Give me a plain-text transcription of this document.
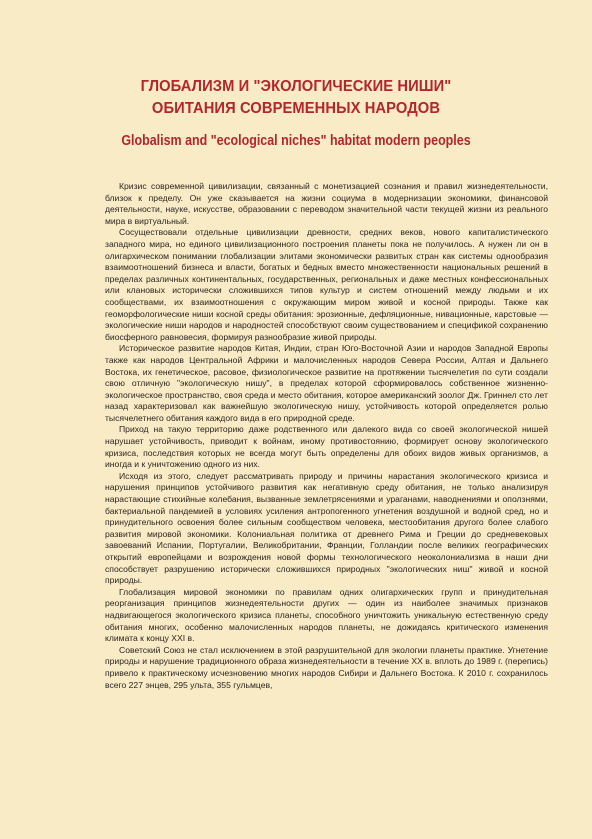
ГЛОБАЛИЗМ И "ЭКОЛОГИЧЕСКИЕ НИШИ"
ОБИТАНИЯ СОВРЕМЕННЫХ НАРОДОВ
Globalism and "ecological niches" habitat modern peoples

Кризис современной цивилизации, связанный с монетизацией сознания и правил жизнедеятельности, близок к пределу. Он уже сказывается на жизни социума в модернизации экономики, финансовой деятельности, науке, искусстве, образовании с переводом значительной части текущей жизни из реального мира в виртуальный.

Сосуществовали отдельные цивилизации древности, средних веков, нового капиталистического западного мира, но единого цивилизационного построения планеты пока не получилось. А нужен ли он в олигархическом понимании глобализации элитами экономически развитых стран как системы однообразия взаимоотношений бизнеса и власти, богатых и бедных вместо множественности национальных решений в пределах различных континентальных, государственных, региональных и даже местных конфессиональных или клановых исторически сложившихся типов культур и систем отношений между людьми и их сообществами, их взаимоотношения с окружающим миром живой и косной природы. Также как геоморфологические ниши косной среды обитания: эрозионные, дефляционные, нивационные, карстовые — экологические ниши народов и народностей способствуют своим существованием и спецификой сохранению биосферного равновесия, формируя разнообразие живой природы.

Историческое развитие народов Китая, Индии, стран Юго-Восточной Азии и народов Западной Европы также как народов Центральной Африки и малочисленных народов Севера России, Алтая и Дальнего Востока, их генетическое, расовое, физиологическое развитие на протяжении тысячелетия по сути создали свою отличную "экологическую нишу", в пределах которой сформировалось собственное жизненно-экологическое пространство, своя среда и место обитания, которое американский зоолог Дж. Гриннел сто лет назад характеризовал как важнейшую экологическую нишу, устойчивость которой определяется ролью тысячелетнего обитания каждого вида в его природной среде.

Приход на такую территорию даже родственного или далекого вида со своей экологической нишей нарушает устойчивость, приводит к войнам, иному противостоянию, формирует основу экологического кризиса, последствия которых не всегда могут быть определены для обоих видов живых организмов, а иногда и к уничтожению одного из них.

Исходя из этого, следует рассматривать природу и причины нарастания экологического кризиса и нарушения принципов устойчивого развития как негативную среду обитания, не только анализируя нарастающие стихийные колебания, вызванные землетрясениями и ураганами, наводнениями и оползнями, бактериальной пандемией в условиях усиления антропогенного угнетения воздушной и водной сред, но и принудительного освоения более сильным сообществом человека, местообитания другого более слабого развития мировой экономики. Колониальная политика от древнего Рима и Греции до средневековых завоеваний Испании, Португалии, Великобритании, Франции, Голландии после великих географических открытий европейцами и возрождения новой формы технологического неоколониализма в наши дни способствует разрушению исторически сложившихся природных "экологических ниш" живой и косной природы.

Глобализация мировой экономики по правилам одних олигархических групп и принудительная реорганизация принципов жизнедеятельности других — один из наиболее значимых признаков надвигающегося экологического кризиса планеты, способного уничтожить уникальную естественную среду обитания многих, особенно малочисленных народов планеты, не дожидаясь критического изменения климата к концу XXI в.

Советский Союз не стал исключением в этой разрушительной для экологии планеты практике. Угнетение природы и нарушение традиционного образа жизнедеятельности в течение XX в. вплоть до 1989 г. (перепись) привело к практическому исчезновению многих народов Сибири и Дальнего Востока. К 2010 г. сохранилось всего 227 энцев, 295 ульта, 355 гульмцев,
